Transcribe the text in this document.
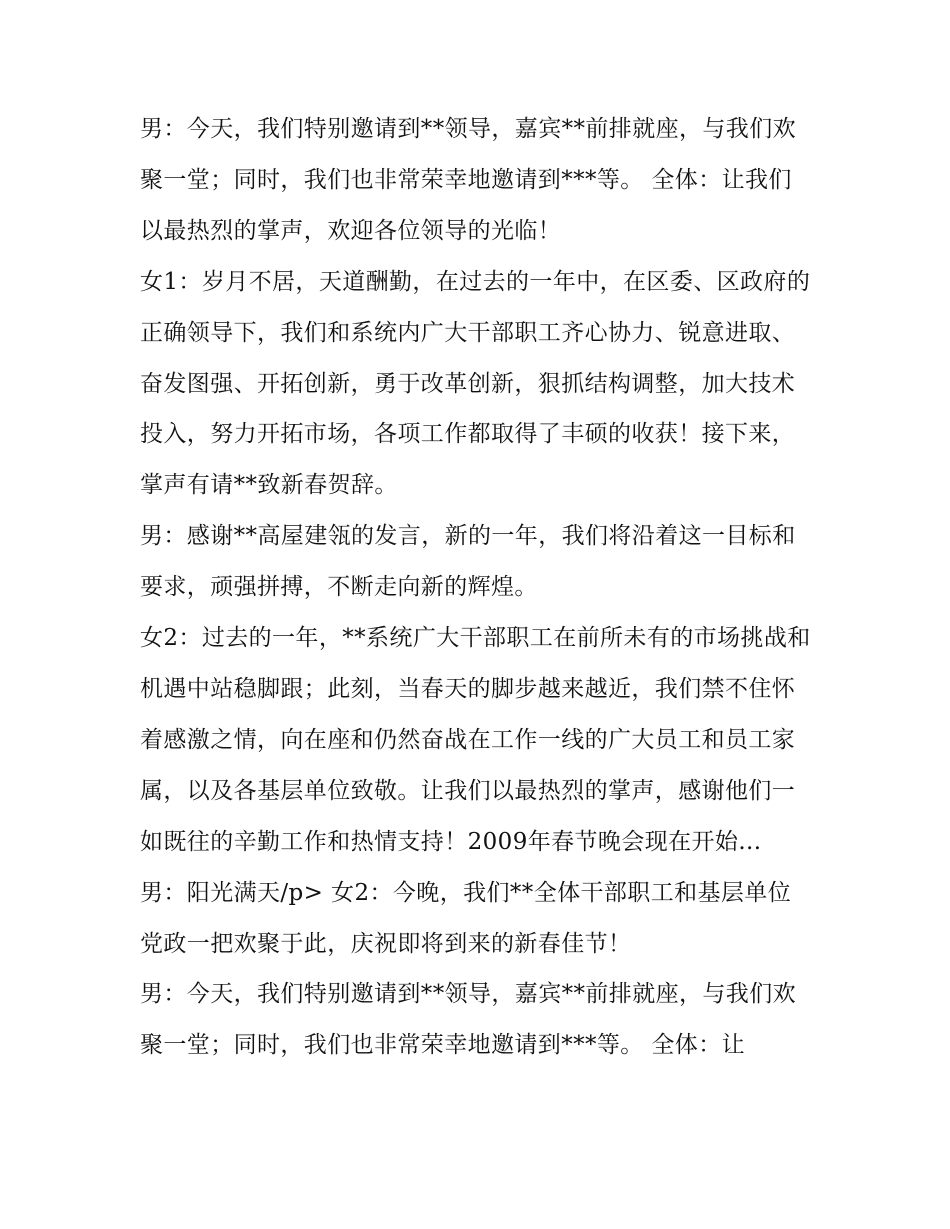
男：今天，我们特别邀请到**领导，嘉宾**前排就座，与我们欢聚一堂；同时，我们也非常荣幸地邀请到***等。 全体：让我们以最热烈的掌声，欢迎各位领导的光临！

女1：岁月不居，天道酬勤，在过去的一年中，在区委、区政府的正确领导下，我们和系统内广大干部职工齐心协力、锐意进取、奋发图强、开拓创新，勇于改革创新，狠抓结构调整，加大技术投入，努力开拓市场，各项工作都取得了丰硕的收获！接下来，掌声有请**致新春贺辞。

男：感谢**高屋建瓴的发言，新的一年，我们将沿着这一目标和要求，顽强拼搏，不断走向新的辉煌。

女2：过去的一年，**系统广大干部职工在前所未有的市场挑战和机遇中站稳脚跟；此刻，当春天的脚步越来越近，我们禁不住怀着感激之情，向在座和仍然奋战在工作一线的广大员工和员工家属，以及各基层单位致敬。让我们以最热烈的掌声，感谢他们一如既往的辛勤工作和热情支持！2009年春节晚会现在开始...

男：阳光满天/p> 女2：今晚，我们**全体干部职工和基层单位党政一把欢聚于此，庆祝即将到来的新春佳节！

男：今天，我们特别邀请到**领导，嘉宾**前排就座，与我们欢聚一堂；同时，我们也非常荣幸地邀请到***等。 全体：让
